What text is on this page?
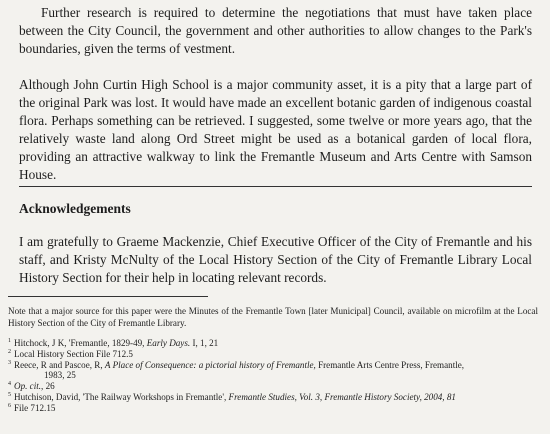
Further research is required to determine the negotiations that must have taken place between the City Council, the government and other authorities to allow changes to the Park's boundaries, given the terms of vestment.

Although John Curtin High School is a major community asset, it is a pity that a large part of the original Park was lost. It would have made an excellent botanic garden of indigenous coastal flora. Perhaps something can be retrieved. I suggested, some twelve or more years ago, that the relatively waste land along Ord Street might be used as a botanical garden of local flora, providing an attractive walkway to link the Fremantle Museum and Arts Centre with Samson House.

Acknowledgements

I am gratefully to Graeme Mackenzie, Chief Executive Officer of the City of Fremantle and his staff, and Kristy McNulty of the Local History Section of the City of Fremantle Library Local History Section for their help in locating relevant records.

Note that a major source for this paper were the Minutes of the Fremantle Town [later Municipal] Council, available on microfilm at the Local History Section of the City of Fremantle Library.

1 Hitchock, J K, 'Fremantle, 1829-49, Early Days. I, 1, 21
2 Local History Section File 712.5
3 Reece, R and Pascoe, R, A Place of Consequence: a pictorial history of Fremantle, Fremantle Arts Centre Press, Fremantle,
1983, 25
4 Op. cit., 26
5 Hutchison, David, 'The Railway Workshops in Fremantle', Fremantle Studies, Vol. 3, Fremantle History Society, 2004, 81
6 File 712.15
